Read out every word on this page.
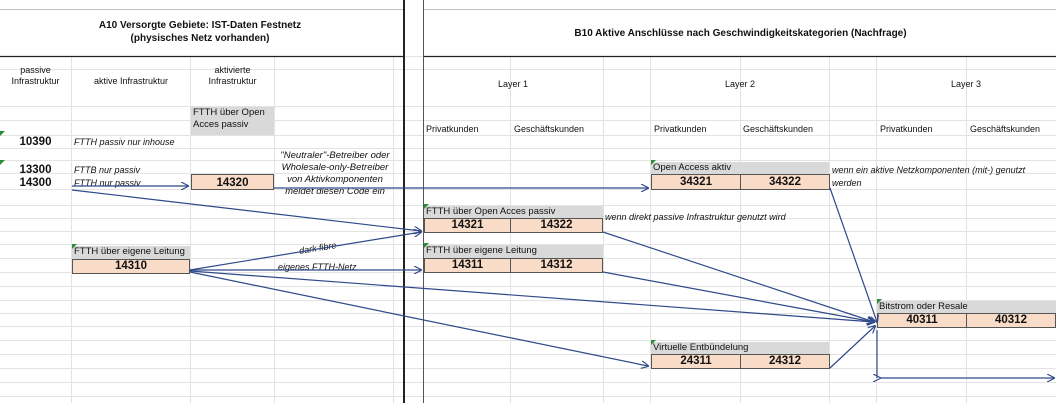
A10 Versorgte Gebiete: IST-Daten Festnetz
(physisches Netz vorhanden)	B10 Aktive Anschlüsse nach Geschwindigkeitskategorien (Nachfrage)
passive Infrastruktur	aktive Infrastruktur
aktivierte Infrastruktur	Layer 1	Layer 2	Layer 3
FTTH über Open Acces passiv	Privatkunden	Geschäftskunden	Privatkunden	Geschäftskunden	Privatkunden	Geschäftskunden
10390	FTTH passiv nur inhouse
13300	FTTB nur passiv
14300	FTTH nur passiv	14320
"Neutraler"-Betreiber oder
Wholesale-only-Betreiber
von Aktivkomponenten
meldet diesen Code ein
FTTH über eigene Leitung
14310
dark fibre
eigenes FTTH-Netz
FTTH über Open Acces passiv
14321	14322
wenn direkt passive Infrastruktur genutzt wird
FTTH über eigene Leitung
14311	14312
Open Access aktiv
34321	34322
wenn ein aktive Netzkomponenten (mit-) genutzt
werden
Virtuelle Entbündelung
24311	24312
Bitstrom oder Resale
40311	40312
